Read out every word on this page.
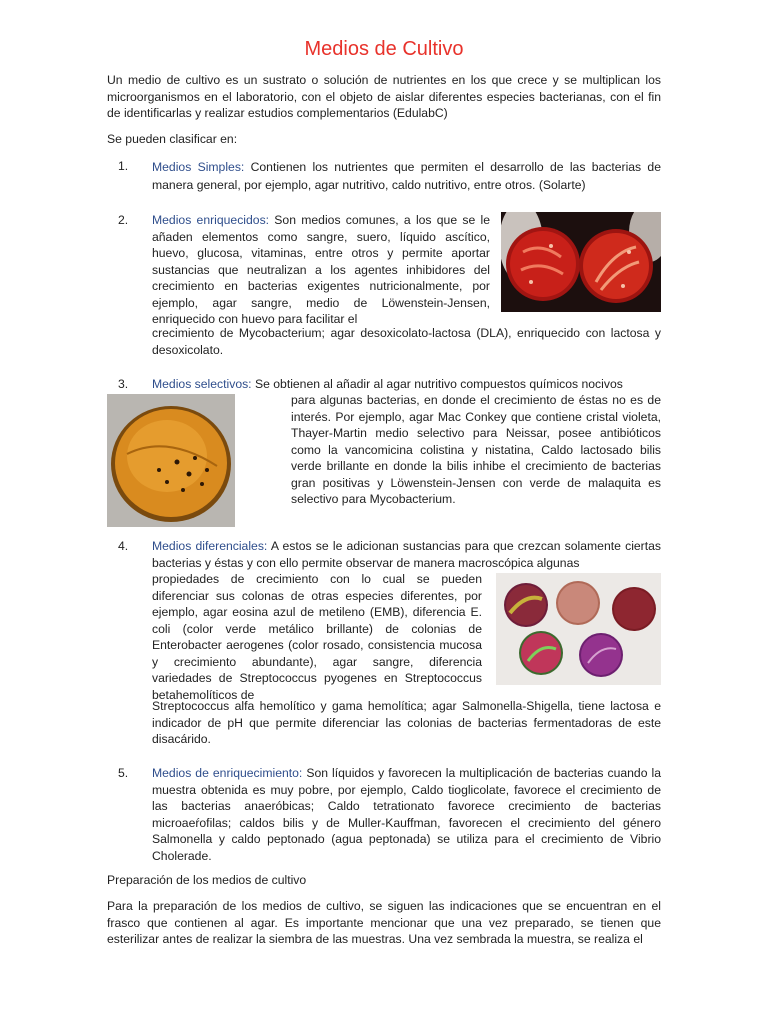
Medios de Cultivo

Un medio de cultivo es un sustrato o solución de nutrientes en los que crece y se multiplican los microorganismos en el laboratorio, con el objeto de aislar diferentes especies bacterianas, con el fin de identificarlas y realizar estudios complementarios (EdulabC)

Se pueden clasificar en:

1. Medios Simples: Contienen los nutrientes que permiten el desarrollo de las bacterias de manera general, por ejemplo, agar nutritivo, caldo nutritivo, entre otros. (Solarte)

2. Medios enriquecidos: Son medios comunes, a los que se le añaden elementos como sangre, suero, líquido ascítico, huevo, glucosa, vitaminas, entre otros y permite aportar sustancias que neutralizan a los agentes inhibidores del crecimiento en bacterias exigentes nutricionalmente, por ejemplo, agar sangre, medio de Löwenstein-Jensen, enriquecido con huevo para facilitar el

crecimiento de Mycobacterium; agar desoxicolato-lactosa (DLA), enriquecido con lactosa y desoxicolato.

3. Medios selectivos: Se obtienen al añadir al agar nutritivo compuestos químicos nocivos

para algunas bacterias, en donde el crecimiento de éstas no es de interés. Por ejemplo, agar Mac Conkey que contiene cristal violeta, Thayer-Martin medio selectivo para Neissar, posee antibióticos como la vancomicina colistina y nistatina, Caldo lactosado bilis verde brillante en donde la bilis inhibe el crecimiento de bacterias gran positivas y Löwenstein-Jensen con verde de malaquita es selectivo para Mycobacterium.

4. Medios diferenciales: A estos se le adicionan sustancias para que crezcan solamente ciertas bacterias y éstas y con ello permite observar de manera macroscópica algunas

propiedades de crecimiento con lo cual se pueden diferenciar sus colonas de otras especies diferentes, por ejemplo, agar eosina azul de metileno (EMB), diferencia E. coli (color verde metálico brillante) de colonias de Enterobacter aerogenes (color rosado, consistencia mucosa y crecimiento abundante), agar sangre, diferencia variedades de Streptococcus pyogenes en Streptococcus betahemolíticos de

Streptococcus alfa hemolítico y gama hemolítica; agar Salmonella-Shigella, tiene lactosa e indicador de pH que permite diferenciar las colonias de bacterias fermentadoras de este disacárido.

5. Medios de enriquecimiento: Son líquidos y favorecen la multiplicación de bacterias cuando la muestra obtenida es muy pobre, por ejemplo, Caldo tioglicolate, favorece el crecimiento de las bacterias anaeróbicas; Caldo tetrationato favorece crecimiento de bacterias microaeŕofilas; caldos bilis y de Muller-Kauffman, favorecen el crecimiento del género Salmonella y caldo peptonado (agua peptonada) se utiliza para el crecimiento de Vibrio Cholerade.

Preparación de los medios de cultivo

Para la preparación de los medios de cultivo, se siguen las indicaciones que se encuentran en el frasco que contienen al agar. Es importante mencionar que una vez preparado, se tienen que esterilizar antes de realizar la siembra de las muestras. Una vez sembrada la muestra, se realiza el
